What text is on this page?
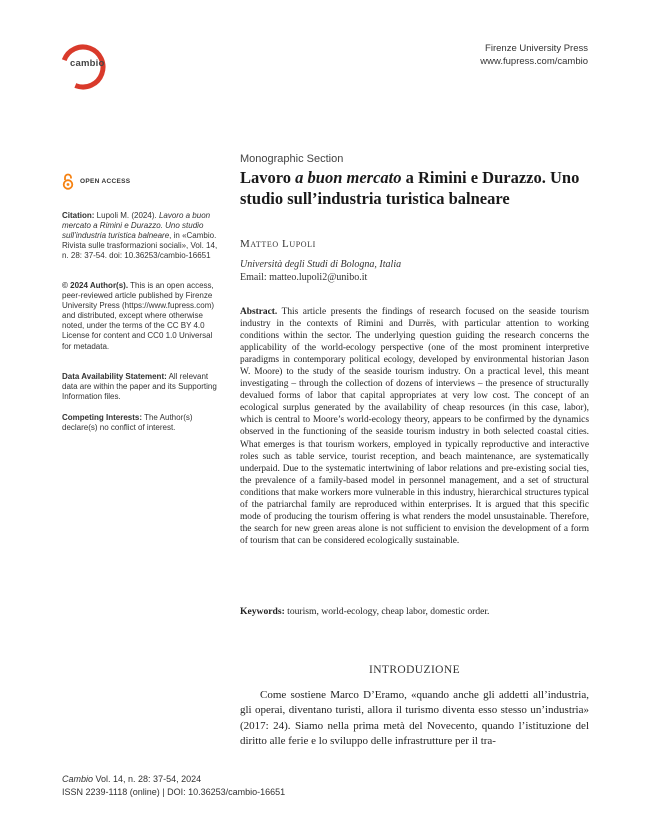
cambio
Firenze University Press
www.fupress.com/cambio
OPEN ACCESS
Citation: Lupoli M. (2024). Lavoro a buon mercato a Rimini e Durazzo. Uno studio sull’industria turistica balneare, in «Cambio. Rivista sulle trasformazioni sociali», Vol. 14, n. 28: 37-54. doi: 10.36253/cambio-16651
© 2024 Author(s). This is an open access, peer-reviewed article published by Firenze University Press (https://www.fupress.com) and distributed, except where otherwise noted, under the terms of the CC BY 4.0 License for content and CC0 1.0 Universal for metadata.
Data Availability Statement: All relevant data are within the paper and its Supporting Information files.
Competing Interests: The Author(s) declare(s) no conflict of interest.
Monographic Section
Lavoro a buon mercato a Rimini e Durazzo. Uno studio sull’industria turistica balneare
Matteo Lupoli
Università degli Studi di Bologna, Italia
Email: matteo.lupoli2@unibo.it
Abstract. This article presents the findings of research focused on the seaside tourism industry in the contexts of Rimini and Durrës, with particular attention to working conditions within the sector. The underlying question guiding the research concerns the applicability of the world-ecology perspective (one of the most prominent interpretive paradigms in contemporary political ecology, developed by environmental historian Jason W. Moore) to the study of the seaside tourism industry. On a practical level, this meant investigating – through the collection of dozens of interviews – the presence of structurally devalued forms of labor that capital appropriates at very low cost. The concept of an ecological surplus generated by the availability of cheap resources (in this case, labor), which is central to Moore’s world-ecology theory, appears to be confirmed by the dynamics observed in the functioning of the seaside tourism industry in both selected coastal cities. What emerges is that tourism workers, employed in typically reproductive and interactive roles such as table service, tourist reception, and beach maintenance, are systematically underpaid. Due to the systematic intertwining of labor relations and pre-existing social ties, the prevalence of a family-based model in personnel management, and a set of structural conditions that make workers more vulnerable in this industry, hierarchical structures typical of the patriarchal family are reproduced within enterprises. It is argued that this specific mode of producing the tourism offering is what renders the model unsustainable. Therefore, the search for new green areas alone is not sufficient to envision the development of a form of tourism that can be considered ecologically sustainable.
Keywords: tourism, world-ecology, cheap labor, domestic order.
INTRODUZIONE
Come sostiene Marco D’Eramo, «quando anche gli addetti all’industria, gli operai, diventano turisti, allora il turismo diventa esso stesso un’industria» (2017: 24). Siamo nella prima metà del Novecento, quando l’istituzione del diritto alle ferie e lo sviluppo delle infrastrutture per il tra-
Cambio Vol. 14, n. 28: 37-54, 2024
ISSN 2239-1118 (online) | DOI: 10.36253/cambio-16651
